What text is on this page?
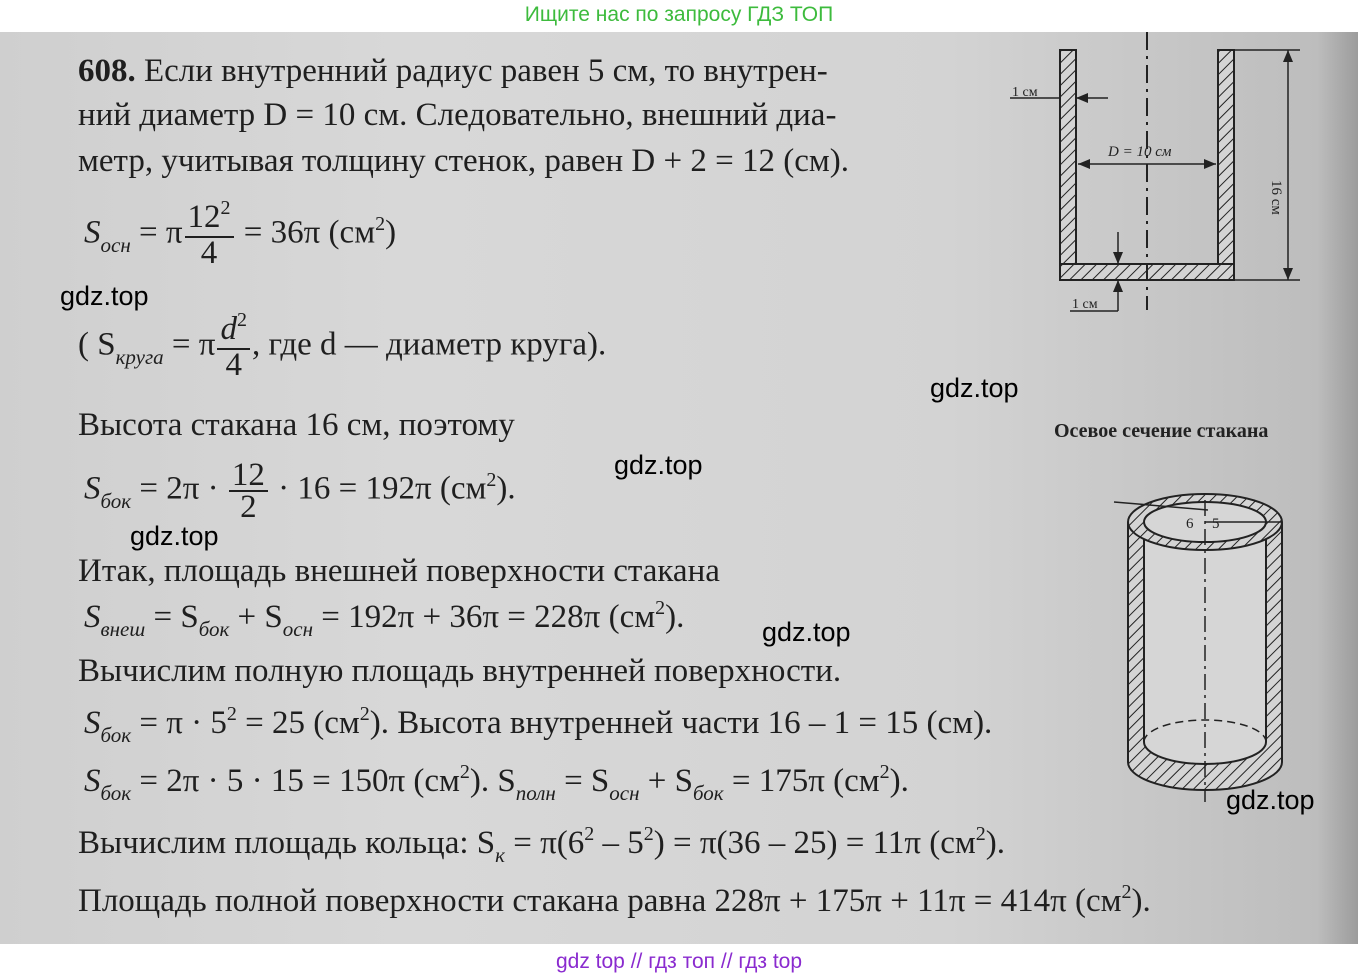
Ищите нас по запросу ГДЗ ТОП
608. Если внутренний радиус равен 5 см, то внутрен-
ний диаметр D = 10 см. Следовательно, внешний диа-
метр, учитывая толщину стенок, равен D + 2 = 12 (см).
$S_{осн} = \pi \frac{12^2}{4} = 36\pi$ $(см^2)$
( $S_{круга} = \pi \frac{d^2}{4}$ , где d — диаметр круга).
Высота стакана 16 см, поэтому
$S_{бок} = 2\pi \cdot \frac{12}{2} \cdot 16 = 192\pi$ $(см^2)$.
Итак, площадь внешней поверхности стакана
$S_{внеш} = S_{бок} + S_{осн} = 192\pi + 36\pi = 228\pi$ $(см^2)$.
Вычислим полную площадь внутренней поверхности.
$S_{бок} = \pi \cdot 5^2 = 25$ $(см^2)$. Высота внутренней части 16 – 1 = 15 (см).
$S_{бок} = 2\pi \cdot 5 \cdot 15 = 150\pi$ $(см^2)$. $S_{полн} = S_{осн} + S_{бок} = 175\pi$ $(см^2)$.
Вычислим площадь кольца: $S_к = \pi(6^2 - 5^2) = \pi(36 - 25) = 11\pi$ $(см^2)$.
Площадь полной поверхности стакана равна 228π + 175π + 11π = 414π $(см^2)$.
D = 10 см
16 см
1 см
1 см
Осевое сечение стакана
6 5
gdz.top
gdz.top
gdz.top
gdz.top
gdz.top
gdz.top
gdz top // гдз топ // гдз top
